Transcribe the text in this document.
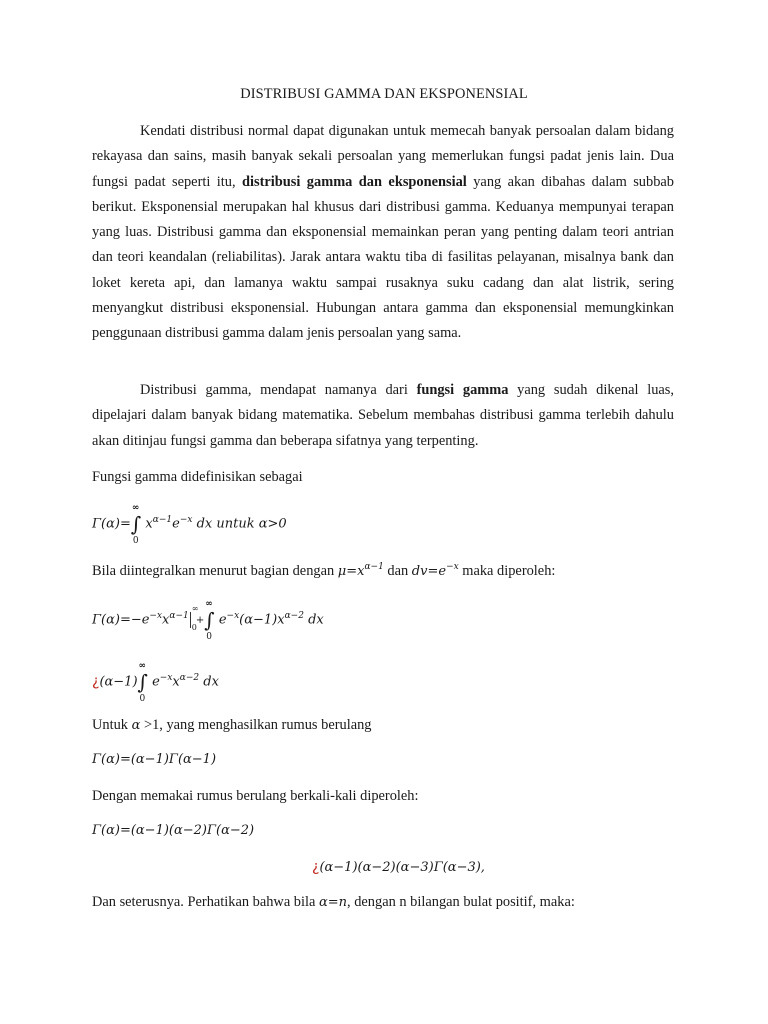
DISTRIBUSI GAMMA DAN EKSPONENSIAL

Kendati distribusi normal dapat digunakan untuk memecah banyak persoalan dalam bidang rekayasa dan sains, masih banyak sekali persoalan yang memerlukan fungsi padat jenis lain. Dua fungsi padat seperti itu, distribusi gamma dan eksponensial yang akan dibahas dalam subbab berikut. Eksponensial merupakan hal khusus dari distribusi gamma. Keduanya mempunyai terapan yang luas. Distribusi gamma dan eksponensial memainkan peran yang penting dalam teori antrian dan teori keandalan (reliabilitas). Jarak antara waktu tiba di fasilitas pelayanan, misalnya bank dan loket kereta api, dan lamanya waktu sampai rusaknya suku cadang dan alat listrik, sering menyangkut distribusi eksponensial. Hubungan antara gamma dan eksponensial memungkinkan penggunaan distribusi gamma dalam jenis persoalan yang sama.

Distribusi gamma, mendapat namanya dari fungsi gamma yang sudah dikenal luas, dipelajari dalam banyak bidang matematika. Sebelum membahas distribusi gamma terlebih dahulu akan ditinjau fungsi gamma dan beberapa sifatnya yang terpenting.

Fungsi gamma didefinisikan sebagai

Γ(α)=∫
∞
0
$x^{\alpha-1}e^{-x}$ dx untuk α>0

Bila diintegralkan menurut bagian dengan $\mu=x^{\alpha-1}$ dan $dv=e^{-x}$ maka diperoleh:

$\Gamma(\alpha)=-e^{-x}x^{\alpha-1}$
∞
0
+∫
∞
0
$e^{-x}(\alpha-1)x^{\alpha-2}$ dx
¿(α−1)∫
∞
0
$e^{-x}x^{\alpha-2}$ dx

Untuk α >1, yang menghasilkan rumus berulang

Γ(α)=(α−1)Γ(α−1)

Dengan memakai rumus berulang berkali-kali diperoleh:

Γ(α)=(α−1)(α−2)Γ(α−2)
¿(α−1)(α−2)(α−3)Γ(α−3),

Dan seterusnya. Perhatikan bahwa bila α=n, dengan n bilangan bulat positif, maka:
